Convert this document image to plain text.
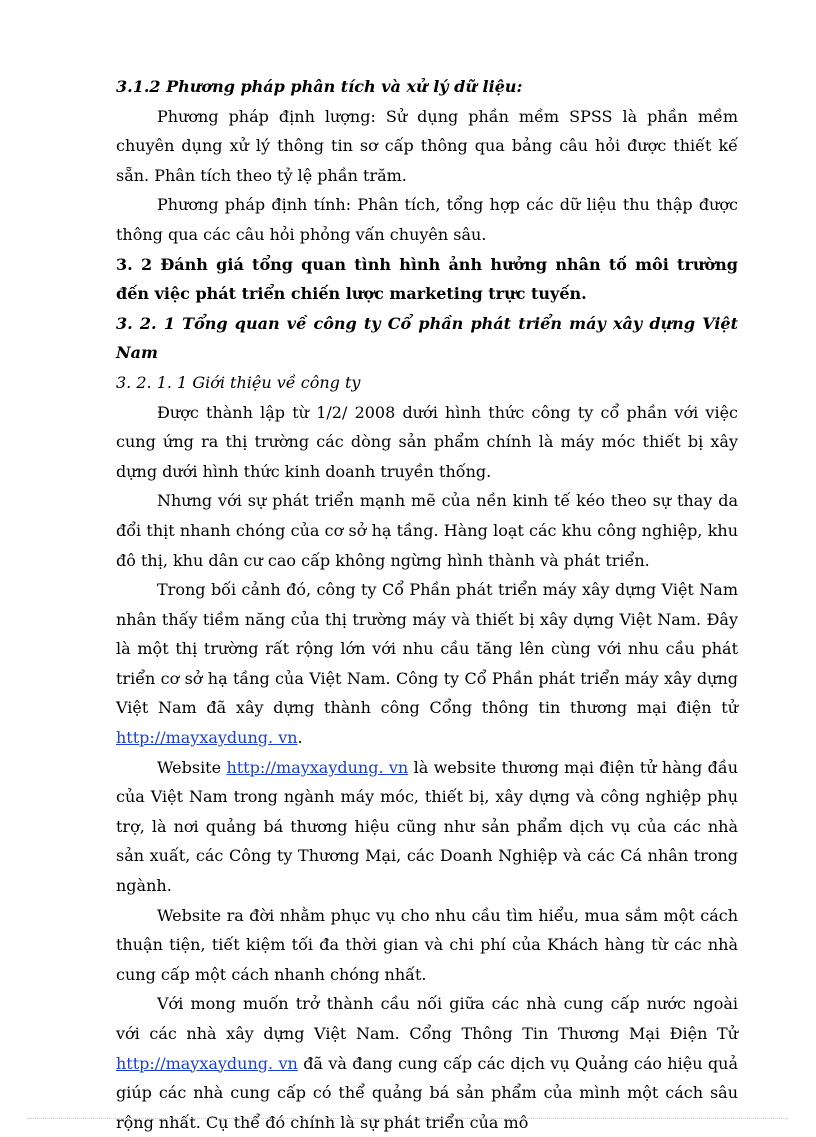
3.1.2 Phương pháp phân tích và xử lý dữ liệu:

Phương pháp định lượng: Sử dụng phần mềm SPSS là phần mềm chuyên dụng xử lý thông tin sơ cấp thông qua bảng câu hỏi được thiết kế sẵn. Phân tích theo tỷ lệ phần trăm.

Phương pháp định tính: Phân tích, tổng hợp các dữ liệu thu thập được thông qua các câu hỏi phỏng vấn chuyên sâu.

3. 2 Đánh giá tổng quan tình hình ảnh hưởng nhân tố môi trường đến việc phát triển chiến lược marketing trực tuyến.

3. 2. 1 Tổng quan về công ty Cổ phần phát triển máy xây dựng Việt Nam

3. 2. 1. 1 Giới thiệu về công ty

Được thành lập từ 1/2/ 2008 dưới hình thức công ty cổ phần với việc cung ứng ra thị trường các dòng sản phẩm chính là máy móc thiết bị xây dựng dưới hình thức kinh doanh truyền thống.

Nhưng với sự phát triển mạnh mẽ của nền kinh tế kéo theo sự thay da đổi thịt nhanh chóng của cơ sở hạ tầng. Hàng loạt các khu công nghiệp, khu đô thị, khu dân cư cao cấp không ngừng hình thành và phát triển.

Trong bối cảnh đó, công ty Cổ Phần phát triển máy xây dựng Việt Nam nhân thấy tiềm năng của thị trường máy và thiết bị xây dựng Việt Nam. Đây là một thị trường rất rộng lớn với nhu cầu tăng lên cùng với nhu cầu phát triển cơ sở hạ tầng của Việt Nam. Công ty Cổ Phần phát triển máy xây dựng Việt Nam đã xây dựng thành công Cổng thông tin thương mại điện tử http://mayxaydung. vn.

Website http://mayxaydung. vn là website thương mại điện tử hàng đầu của Việt Nam trong ngành máy móc, thiết bị, xây dựng và công nghiệp phụ trợ, là nơi quảng bá thương hiệu cũng như sản phẩm dịch vụ của các nhà sản xuất, các Công ty Thương Mại, các Doanh Nghiệp và các Cá nhân trong ngành.

Website ra đời nhằm phục vụ cho nhu cầu tìm hiểu, mua sắm một cách thuận tiện, tiết kiệm tối đa thời gian và chi phí của Khách hàng từ các nhà cung cấp một cách nhanh chóng nhất.

Với mong muốn trở thành cầu nối giữa các nhà cung cấp nước ngoài với các nhà xây dựng Việt Nam. Cổng Thông Tin Thương Mại Điện Tử http://mayxaydung. vn đã và đang cung cấp các dịch vụ Quảng cáo hiệu quả giúp các nhà cung cấp có thể quảng bá sản phẩm của mình một cách sâu rộng nhất. Cụ thể đó chính là sự phát triển của mô
